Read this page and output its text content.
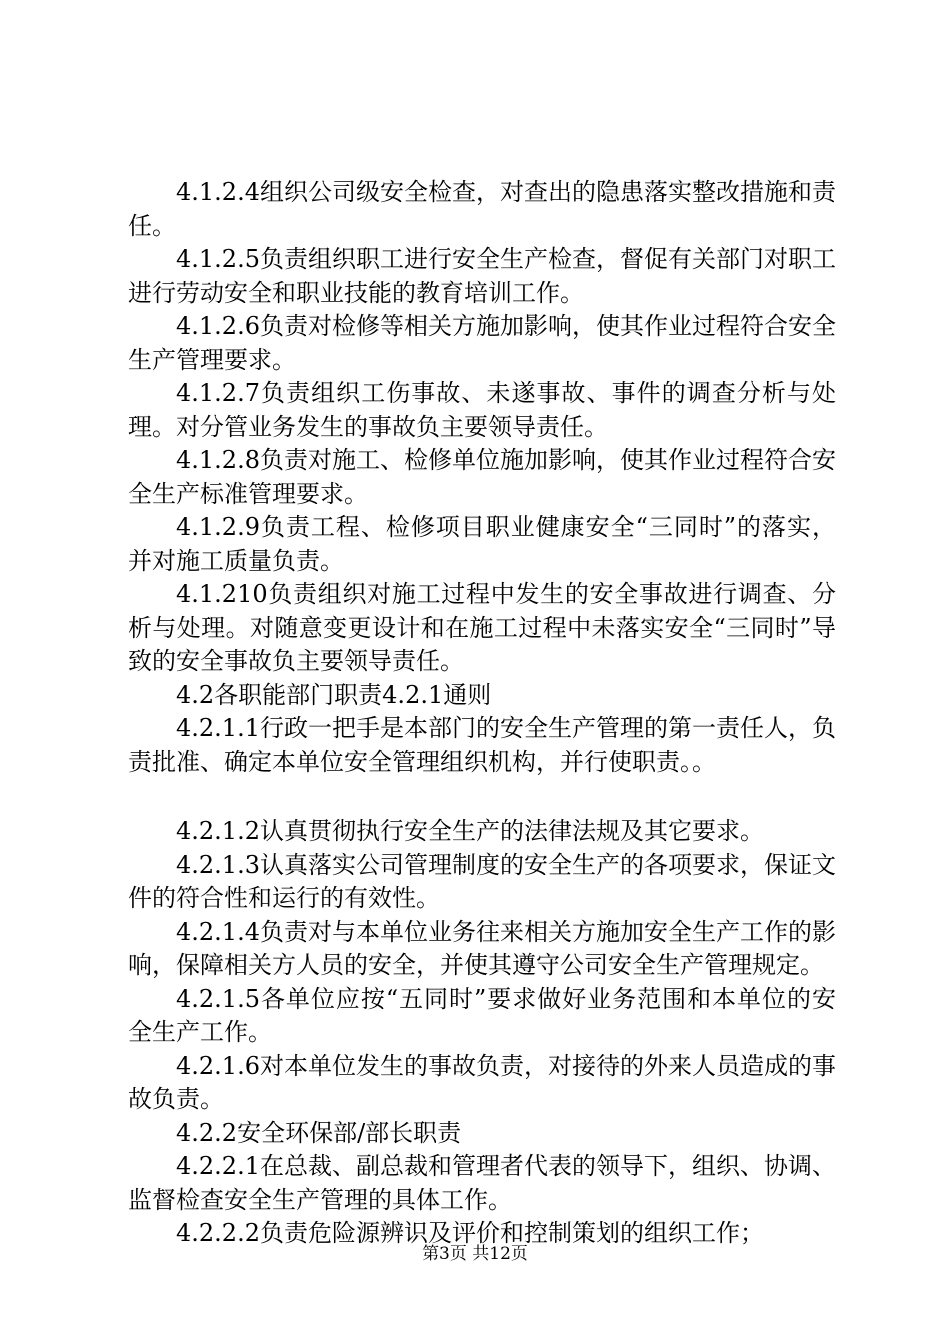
4.1.2.4组织公司级安全检查，对查出的隐患落实整改措施和责任。

4.1.2.5负责组织职工进行安全生产检查，督促有关部门对职工进行劳动安全和职业技能的教育培训工作。

4.1.2.6负责对检修等相关方施加影响，使其作业过程符合安全生产管理要求。

4.1.2.7负责组织工伤事故、未遂事故、事件的调查分析与处理。对分管业务发生的事故负主要领导责任。

4.1.2.8负责对施工、检修单位施加影响，使其作业过程符合安全生产标准管理要求。

4.1.2.9负责工程、检修项目职业健康安全“三同时”的落实，并对施工质量负责。

4.1.210负责组织对施工过程中发生的安全事故进行调查、分析与处理。对随意变更设计和在施工过程中未落实安全“三同时”导致的安全事故负主要领导责任。

4.2各职能部门职责4.2.1通则

4.2.1.1行政一把手是本部门的安全生产管理的第一责任人，负责批准、确定本单位安全管理组织机构，并行使职责。。

4.2.1.2认真贯彻执行安全生产的法律法规及其它要求。

4.2.1.3认真落实公司管理制度的安全生产的各项要求，保证文件的符合性和运行的有效性。

4.2.1.4负责对与本单位业务往来相关方施加安全生产工作的影响，保障相关方人员的安全，并使其遵守公司安全生产管理规定。

4.2.1.5各单位应按“五同时”要求做好业务范围和本单位的安全生产工作。

4.2.1.6对本单位发生的事故负责，对接待的外来人员造成的事故负责。

4.2.2安全环保部/部长职责

4.2.2.1在总裁、副总裁和管理者代表的领导下，组织、协调、监督检查安全生产管理的具体工作。

4.2.2.2负责危险源辨识及评价和控制策划的组织工作；

第3页 共12页
